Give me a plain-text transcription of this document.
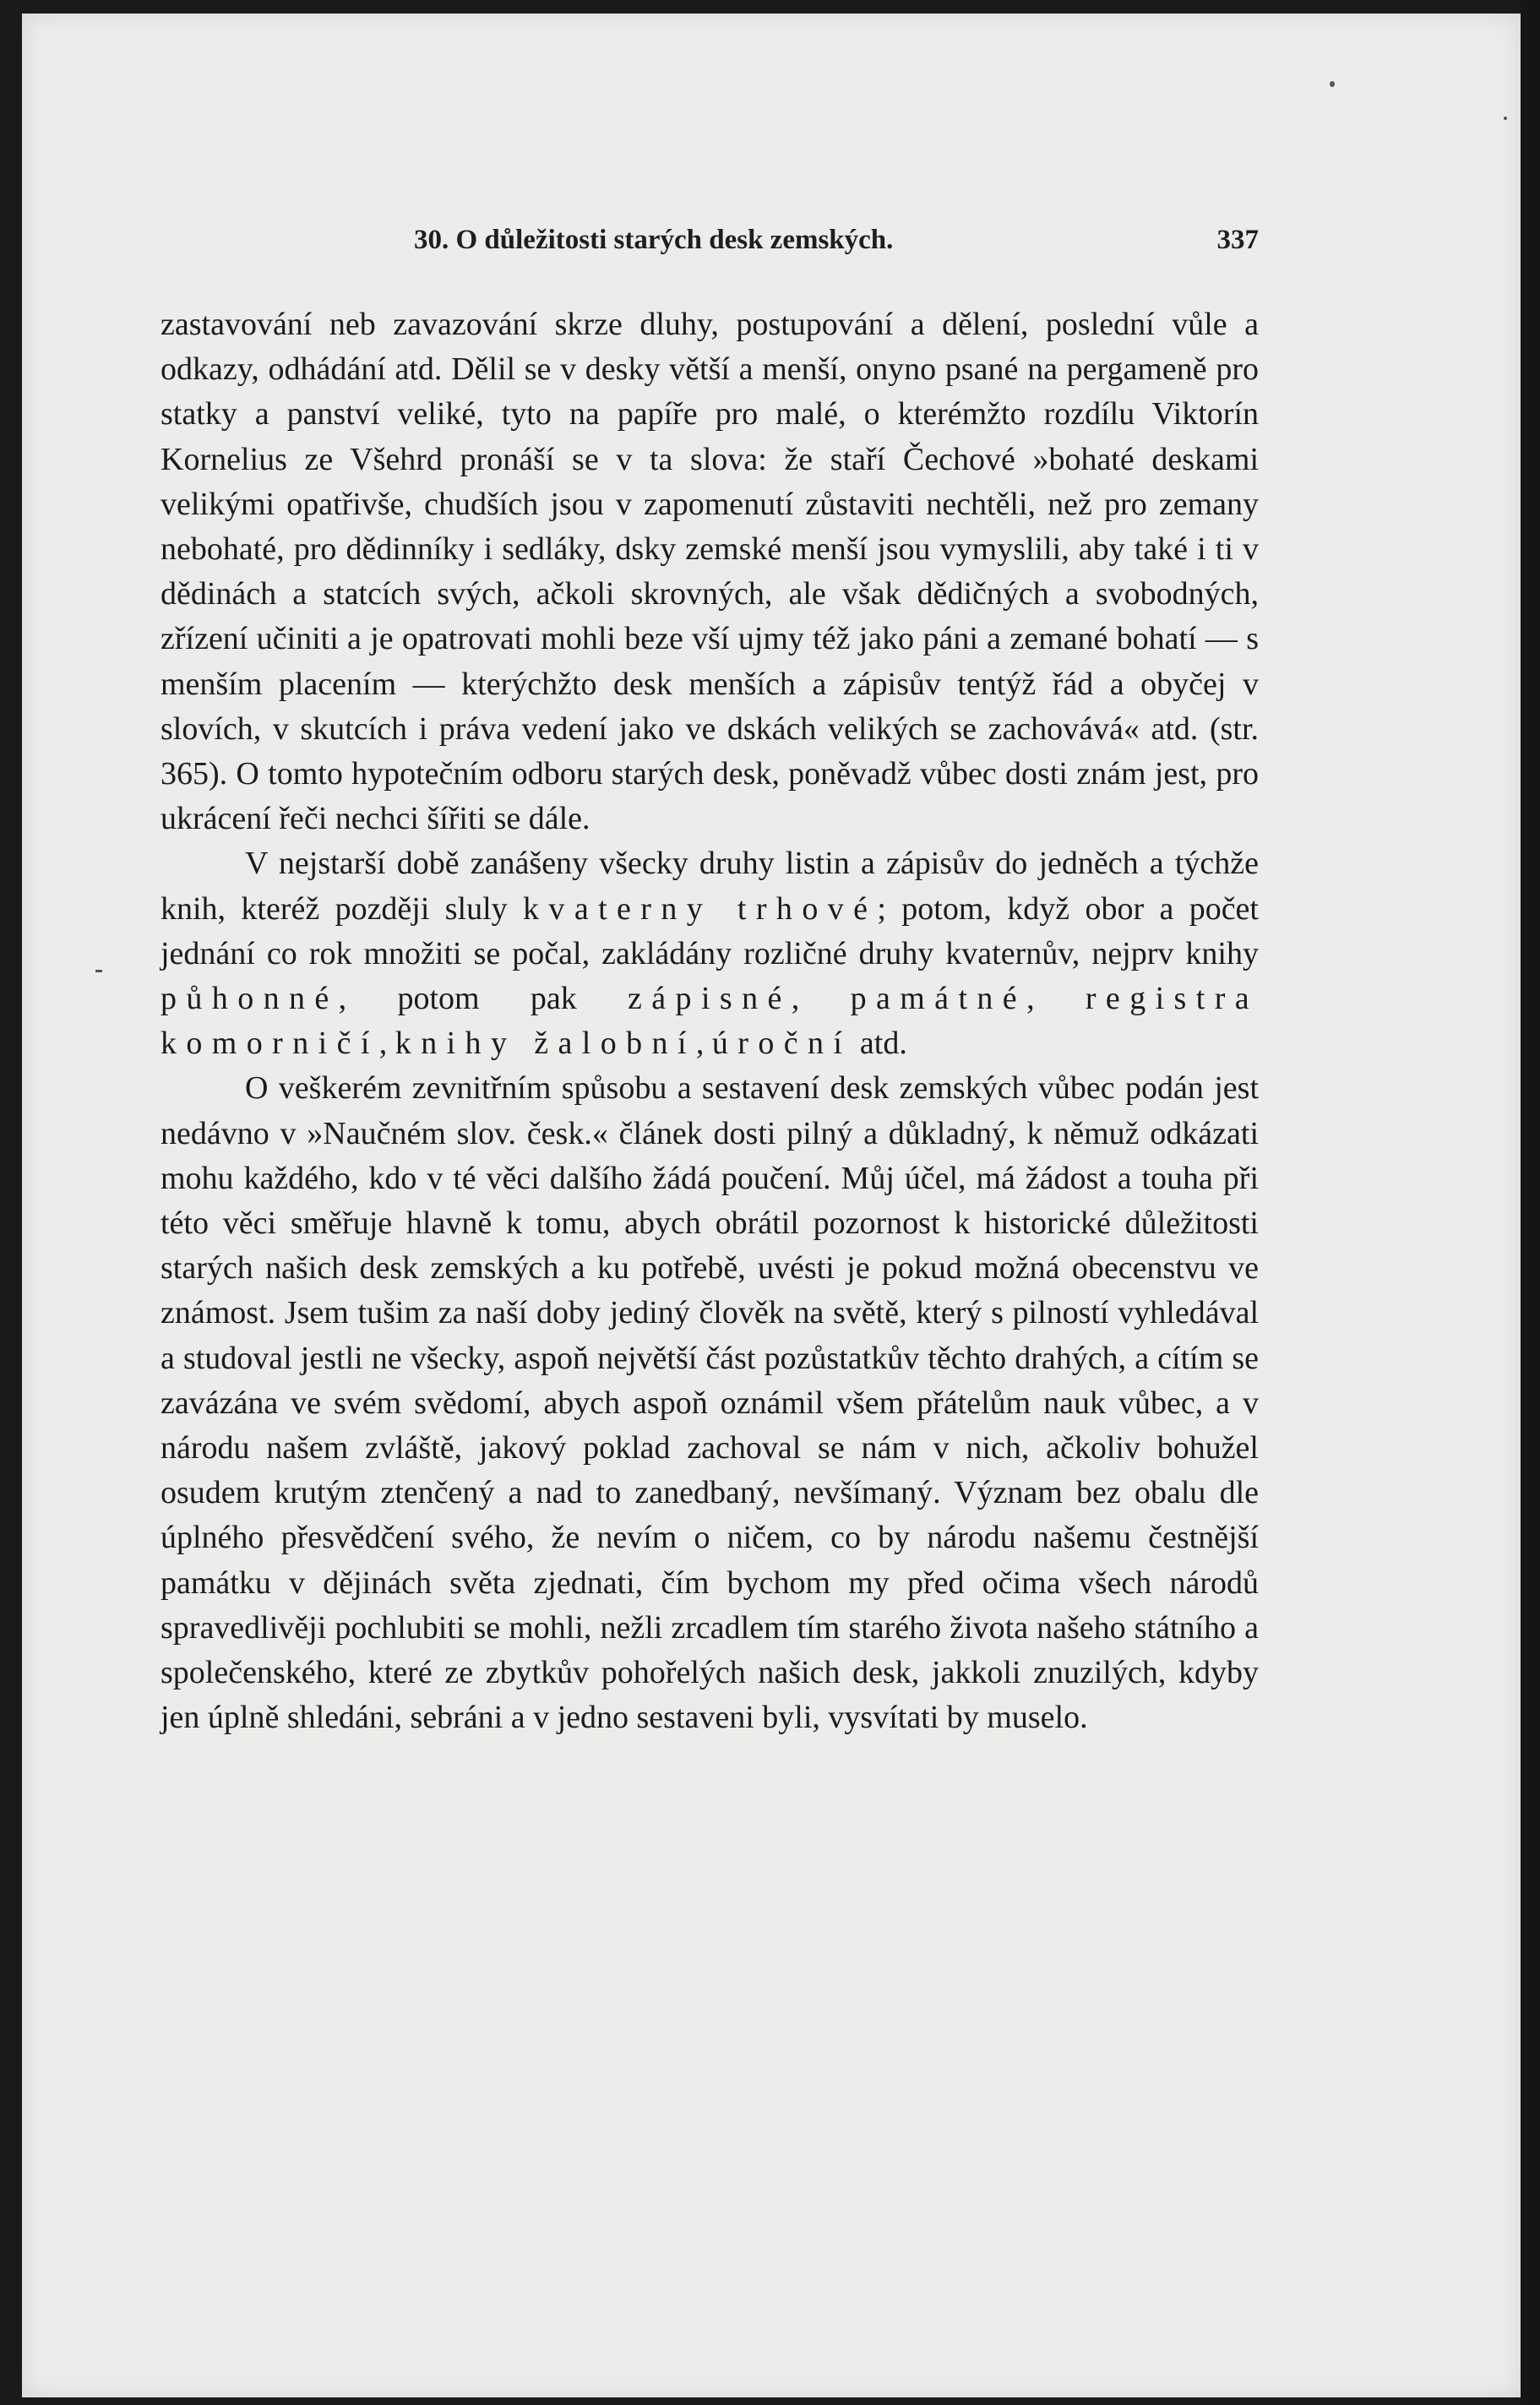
30. O důležitosti starých desk zemských.	337

zastavování neb zavazování skrze dluhy, postupování a dělení, poslední vůle a odkazy, odhádání atd. Dělil se v desky větší a menší, onyno psané na pergameně pro statky a panství veliké, tyto na papíře pro malé, o kterémžto rozdílu Viktorín Kornelius ze Všehrd pronáší se v ta slova: že staří Čechové »bohaté deskami velikými opatřivše, chudších jsou v zapomenutí zůstaviti nechtěli, než pro zemany nebohaté, pro dědinníky i sedláky, dsky zemské menší jsou vymyslili, aby také i ti v dědinách a statcích svých, ačkoli skrovných, ale však dědičných a svobodných, zřízení učiniti a je opatrovati mohli beze vší ujmy též jako páni a zemané bohatí — s menším placením — kterýchžto desk menších a zápisův tentýž řád a obyčej v slovích, v skutcích i práva vedení jako ve dskách velikých se zachovává« atd. (str. 365). O tomto hypotečním odboru starých desk, poněvadž vůbec dosti znám jest, pro ukrácení řeči nechci šířiti se dále.

V nejstarší době zanášeny všecky druhy listin a zápisův do jedněch a týchže knih, kteréž později sluly kvaterny trhové; potom, když obor a počet jednání co rok množiti se počal, zakládány rozličné druhy kvaternův, nejprv knihy půhonné, potom pak zápisné, památné, registra komorničí, knihy žalobní, úroční atd.

O veškerém zevnitřním spůsobu a sestavení desk zemských vůbec podán jest nedávno v »Naučném slov. česk.« článek dosti pilný a důkladný, k němuž odkázati mohu každého, kdo v té věci dalšího žádá poučení. Můj účel, má žádost a touha při této věci směřuje hlavně k tomu, abych obrátil pozornost k historické důležitosti starých našich desk zemských a ku potřebě, uvésti je pokud možná obecenstvu ve známost. Jsem tušim za naší doby jediný člověk na světě, který s pilností vyhledával a studoval jestli ne všecky, aspoň největší část pozůstatkův těchto drahých, a cítím se zavázána ve svém svědomí, abych aspoň oznámil všem přátelům nauk vůbec, a v národu našem zvláště, jakový poklad zachoval se nám v nich, ačkoliv bohužel osudem krutým ztenčený a nad to zanedbaný, nevšímaný. Význam bez obalu dle úplného přesvědčení svého, že nevím o ničem, co by národu našemu čestnější památku v dějinách světa zjednati, čím bychom my před očima všech národů spravedlivěji pochlubiti se mohli, nežli zrcadlem tím starého života našeho státního a společenského, které ze zbytkův pohořelých našich desk, jakkoli znuzilých, kdyby jen úplně shledáni, sebráni a v jedno sestaveni byli, vysvítati by muselo.
